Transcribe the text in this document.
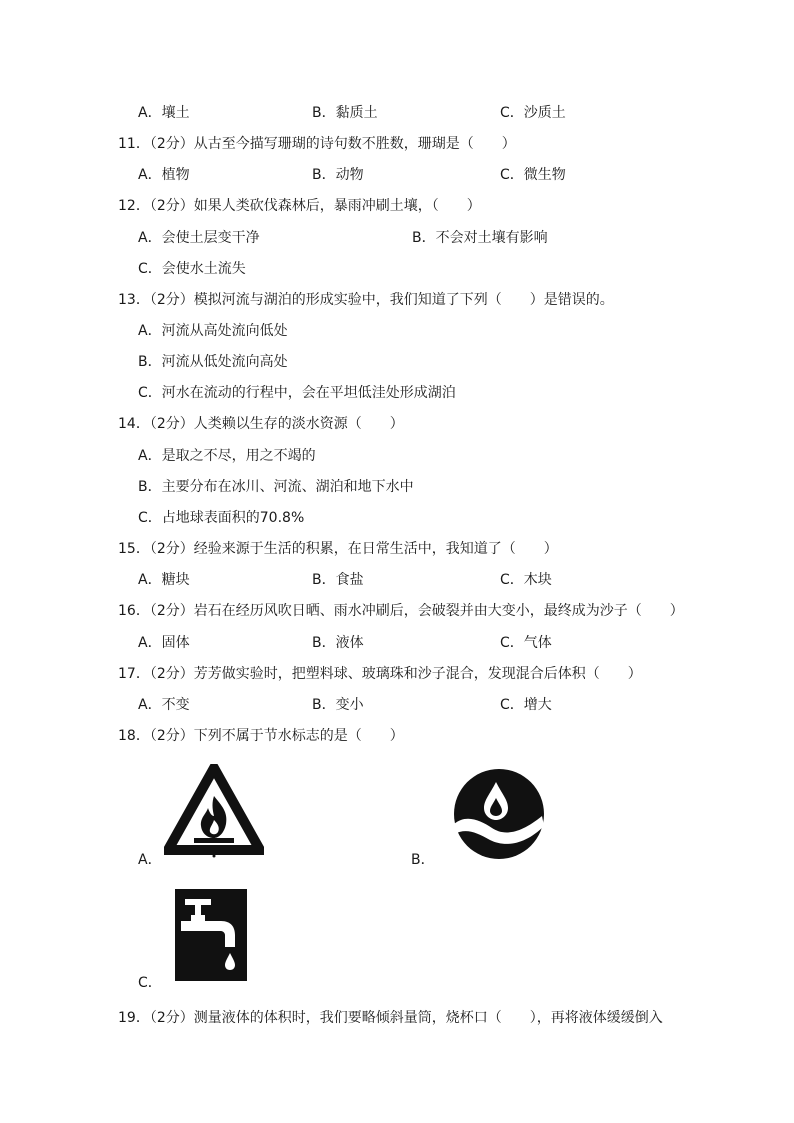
A．壤土	B．黏质土	C．沙质土
11．（2分）从古至今描写珊瑚的诗句数不胜数，珊瑚是（　　）
A．植物	B．动物	C．微生物
12．（2分）如果人类砍伐森林后，暴雨冲刷土壤，（　　）
A．会使土层变干净	B．不会对土壤有影响
C．会使水土流失
13．（2分）模拟河流与湖泊的形成实验中，我们知道了下列（　　）是错误的。
A．河流从高处流向低处
B．河流从低处流向高处
C．河水在流动的行程中，会在平坦低洼处形成湖泊
14．（2分）人类赖以生存的淡水资源（　　）
A．是取之不尽，用之不竭的
B．主要分布在冰川、河流、湖泊和地下水中
C．占地球表面积的70.8%
15．（2分）经验来源于生活的积累，在日常生活中，我知道了（　　）
A．糖块	B．食盐	C．木块
16．（2分）岩石在经历风吹日晒、雨水冲刷后，会破裂并由大变小，最终成为沙子（　　）
A．固体	B．液体	C．气体
17．（2分）芳芳做实验时，把塑料球、玻璃珠和沙子混合，发现混合后体积（　　）
A．不变	B．变小	C．增大
18．（2分）下列不属于节水标志的是（　　）
A．	B．
C．
19．（2分）测量液体的体积时，我们要略倾斜量筒，烧杯口（　　），再将液体缓缓倒入
